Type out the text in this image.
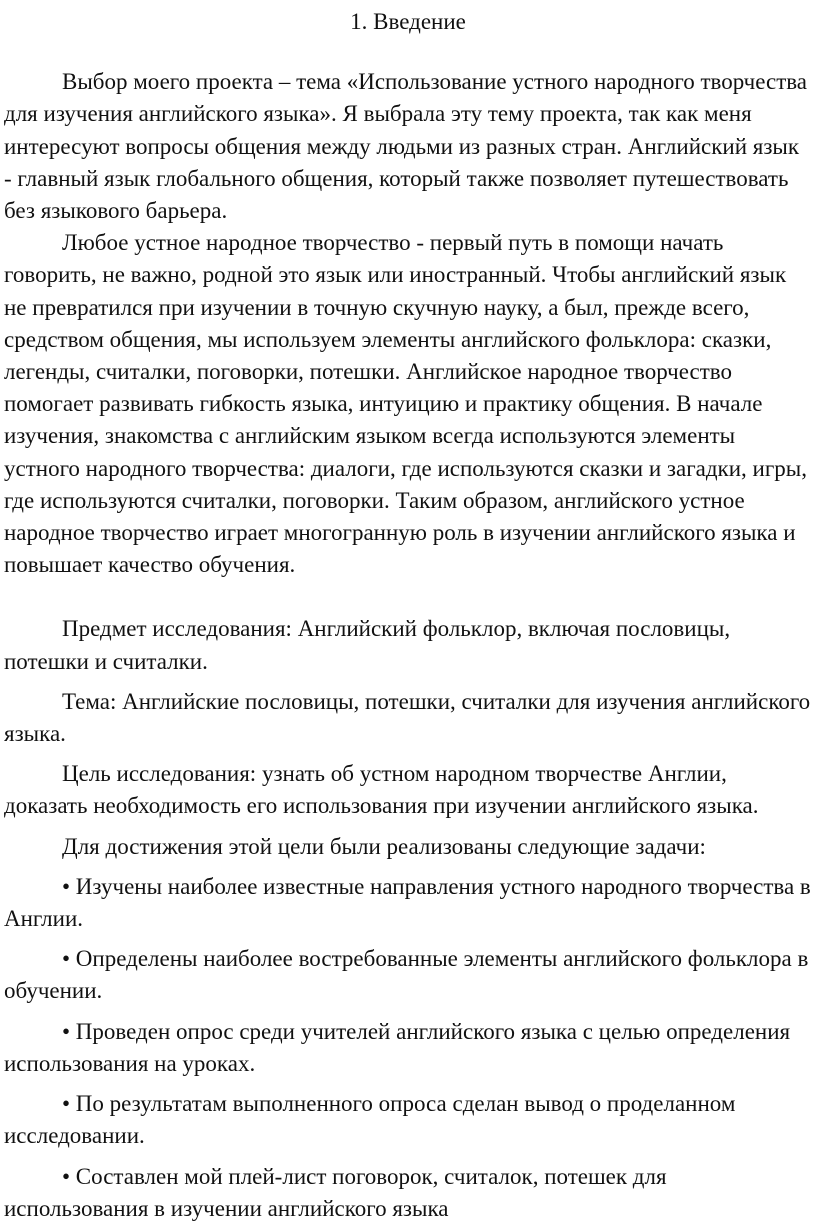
1. Введение

Выбор моего проекта – тема «Использование устного народного творчества для изучения английского языка». Я выбрала эту тему проекта, так как меня интересуют вопросы общения между людьми из разных стран. Английский язык - главный язык глобального общения, который также позволяет путешествовать без языкового барьера.

Любое устное народное творчество - первый путь в помощи начать говорить, не важно, родной это язык или иностранный. Чтобы английский язык не превратился при изучении в точную скучную науку, а был, прежде всего, средством общения, мы используем элементы английского фольклора: сказки, легенды, считалки, поговорки, потешки. Английское народное творчество помогает развивать гибкость языка, интуицию и практику общения. В начале изучения, знакомства с английским языком всегда используются элементы устного народного творчества: диалоги, где используются сказки и загадки, игры, где используются считалки, поговорки. Таким образом, английского устное народное творчество играет многогранную роль в изучении английского языка и повышает качество обучения.

Предмет исследования: Английский фольклор, включая пословицы, потешки и считалки.

Тема: Английские пословицы, потешки, считалки для изучения английского языка.

Цель исследования: узнать об устном народном творчестве Англии, доказать необходимость его использования при изучении английского языка.

Для достижения этой цели были реализованы следующие задачи:

• Изучены наиболее известные направления устного народного творчества в Англии.

• Определены наиболее востребованные элементы английского фольклора в обучении.

• Проведен опрос среди учителей английского языка с целью определения использования на уроках.

• По результатам выполненного опроса сделан вывод о проделанном исследовании.

• Составлен мой плей-лист поговорок, считалок, потешек для использования в изучении английского языка
